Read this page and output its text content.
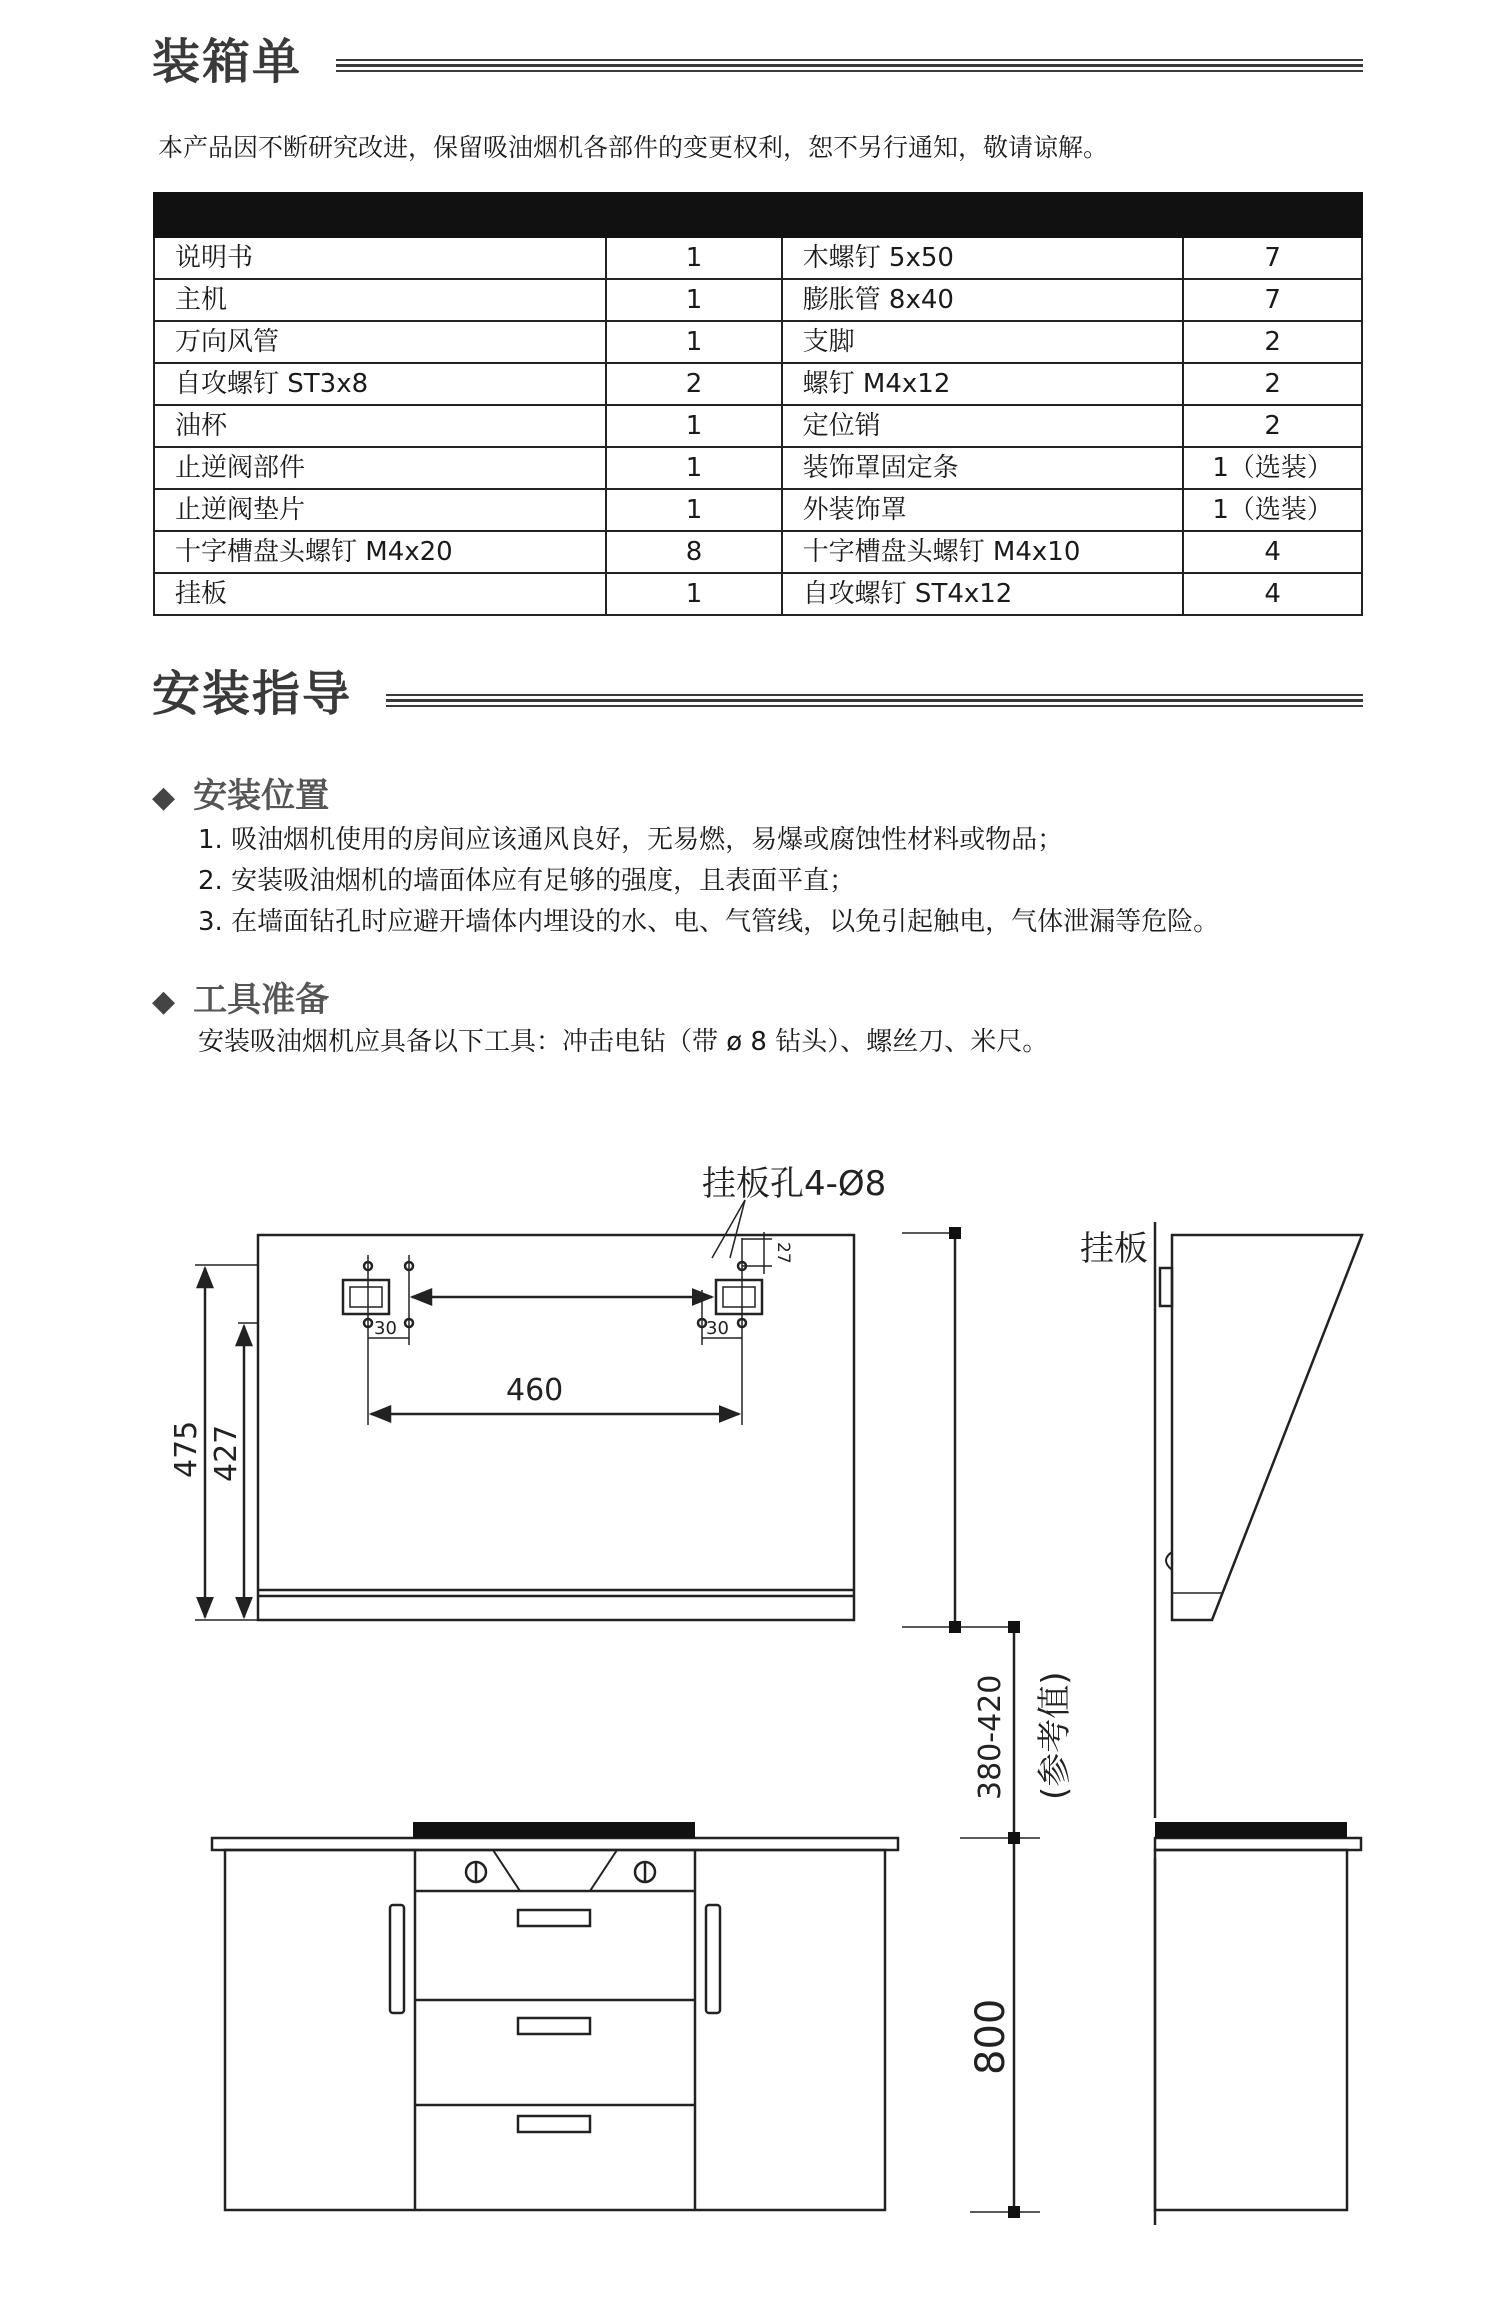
装箱单
本产品因不断研究改进，保留吸油烟机各部件的变更权利，恕不另行通知，敬请谅解。

说明书	1	木螺钉 5x50	7
主机	1	膨胀管 8x40	7
万向风管	1	支脚	2
自攻螺钉 ST3x8	2	螺钉 M4x12	2
油杯	1	定位销	2
止逆阀部件	1	装饰罩固定条	1（选装）
止逆阀垫片	1	外装饰罩	1（选装）
十字槽盘头螺钉 M4x20	8	十字槽盘头螺钉 M4x10	4
挂板	1	自攻螺钉 ST4x12	4
安装指导
◆ 安装位置
1. 吸油烟机使用的房间应该通风良好，无易燃，易爆或腐蚀性材料或物品；
2. 安装吸油烟机的墙面体应有足够的强度，且表面平直；
3. 在墙面钻孔时应避开墙体内埋设的水、电、气管线，以免引起触电，气体泄漏等危险。
◆ 工具准备
安装吸油烟机应具备以下工具：冲击电钻（带 ø 8 钻头）、螺丝刀、米尺。
挂板孔4-Ø8
挂板
27
30	30
460
475 427
380-420 (参考值)
800
